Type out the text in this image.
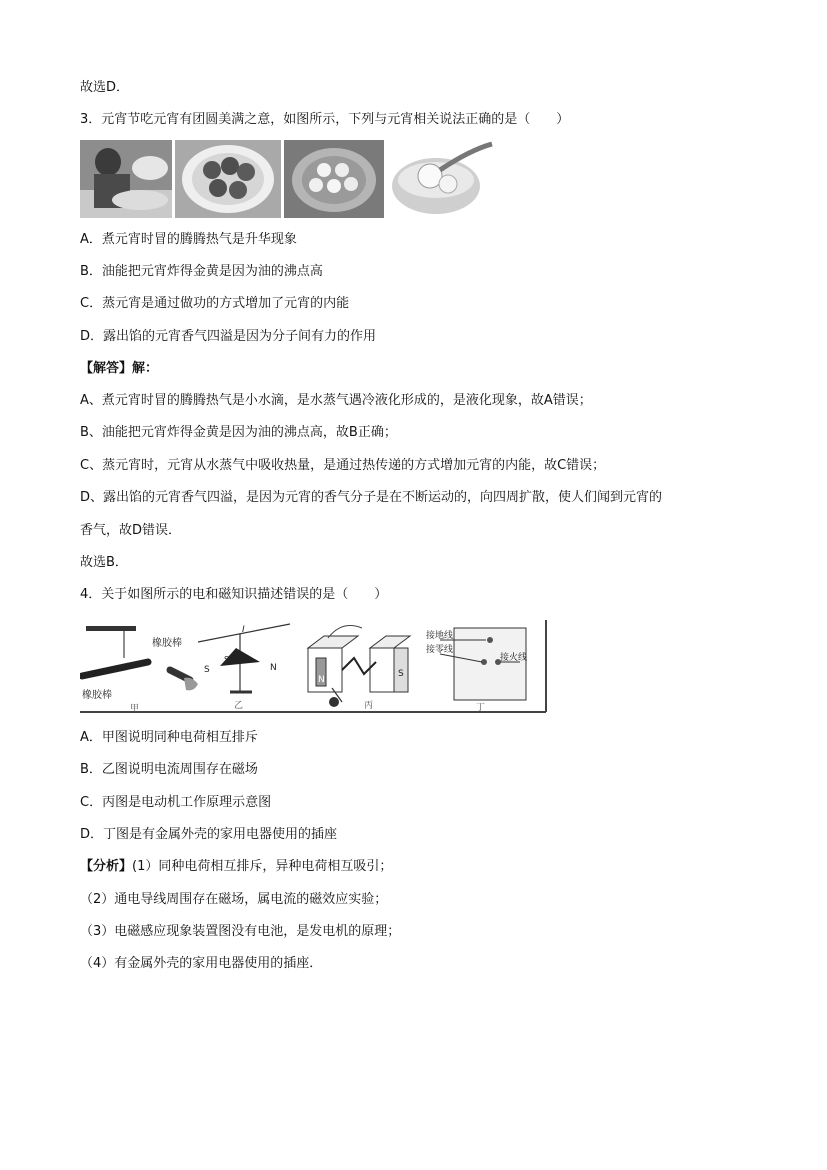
故选D．
3．元宵节吃元宵有团圆美满之意，如图所示，下列与元宵相关说法正确的是（　　）
A．煮元宵时冒的腾腾热气是升华现象
B．油能把元宵炸得金黄是因为油的沸点高
C．蒸元宵是通过做功的方式增加了元宵的内能
D．露出馅的元宵香气四溢是因为分子间有力的作用
【解答】解：
A、煮元宵时冒的腾腾热气是小水滴，是水蒸气遇冷液化形成的，是液化现象，故A错误；
B、油能把元宵炸得金黄是因为油的沸点高，故B正确；
C、蒸元宵时，元宵从水蒸气中吸收热量，是通过热传递的方式增加元宵的内能，故C错误；
D、露出馅的元宵香气四溢，是因为元宵的香气分子是在不断运动的，向四周扩散，使人们闻到元宵的
香气，故D错误．
故选B．
4．关于如图所示的电和磁知识描述错误的是（　　）
橡胶棒
橡胶棒
甲
I
S	N
S
乙
N
S
丙
接地线
接零线
接火线
丁
A．甲图说明同种电荷相互排斥
B．乙图说明电流周围存在磁场
C．丙图是电动机工作原理示意图
D．丁图是有金属外壳的家用电器使用的插座
【分析】(1）同种电荷相互排斥，异种电荷相互吸引；
（2）通电导线周围存在磁场，属电流的磁效应实验；
（3）电磁感应现象装置图没有电池，是发电机的原理；
（4）有金属外壳的家用电器使用的插座．
